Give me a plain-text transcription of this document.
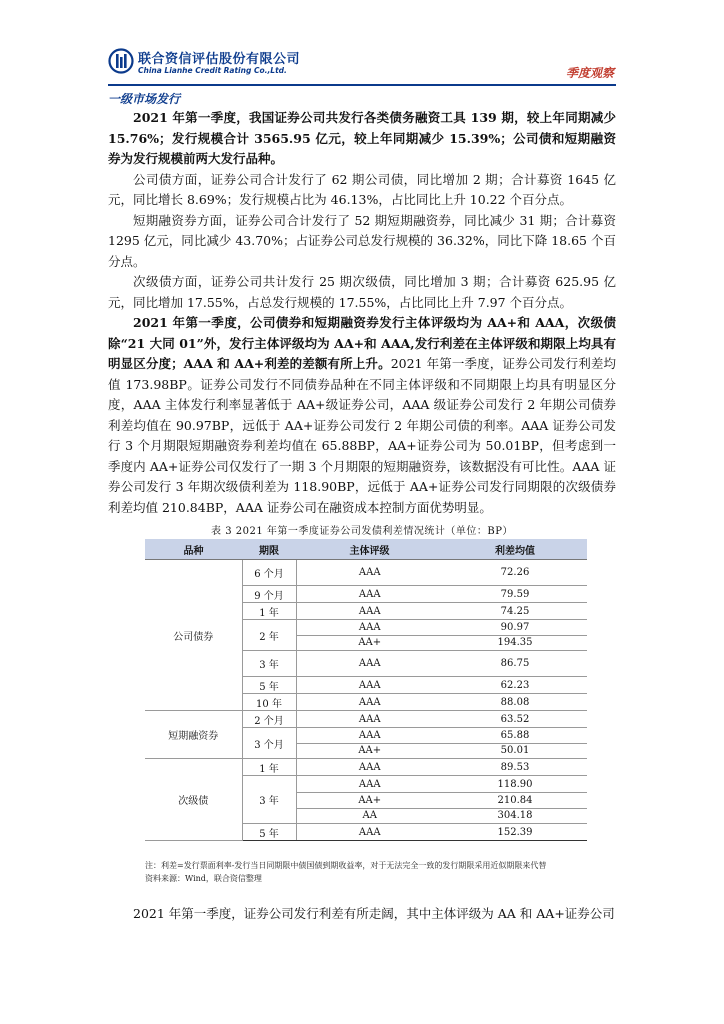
联合资信评估股份有限公司
China Lianhe Credit Rating Co.,Ltd.	季度观察
一级市场发行

2021 年第一季度，我国证券公司共发行各类债务融资工具 139 期，较上年同期减少 15.76%；发行规模合计 3565.95 亿元，较上年同期减少 15.39%；公司债和短期融资券为发行规模前两大发行品种。

公司债方面，证券公司合计发行了 62 期公司债，同比增加 2 期；合计募资 1645 亿元，同比增长 8.69%；发行规模占比为 46.13%，占比同比上升 10.22 个百分点。

短期融资券方面，证券公司合计发行了 52 期短期融资券，同比减少 31 期；合计募资 1295 亿元，同比减少 43.70%；占证券公司总发行规模的 36.32%，同比下降 18.65 个百分点。

次级债方面，证券公司共计发行 25 期次级债，同比增加 3 期；合计募资 625.95 亿元，同比增加 17.55%，占总发行规模的 17.55%，占比同比上升 7.97 个百分点。

2021 年第一季度，公司债券和短期融资券发行主体评级均为 AA+和 AAA，次级债除“21 大同 01”外，发行主体评级均为 AA+和 AAA,发行利差在主体评级和期限上均具有明显区分度；AAA 和 AA+利差的差额有所上升。2021 年第一季度，证券公司发行利差均值 173.98BP。证券公司发行不同债券品种在不同主体评级和不同期限上均具有明显区分度，AAA 主体发行利率显著低于 AA+级证券公司，AAA 级证券公司发行 2 年期公司债券利差均值在 90.97BP，远低于 AA+证券公司发行 2 年期公司债的利率。AAA 证券公司发行 3 个月期限短期融资券利差均值在 65.88BP，AA+证券公司为 50.01BP，但考虑到一季度内 AA+证券公司仅发行了一期 3 个月期限的短期融资券，该数据没有可比性。AAA 证券公司发行 3 年期次级债利差为 118.90BP，远低于 AA+证券公司发行同期限的次级债券利差均值 210.84BP，AAA 证券公司在融资成本控制方面优势明显。

表 3 2021 年第一季度证券公司发债利差情况统计（单位：BP）
品种	期限	主体评级	利差均值
公司债券	6 个月	AAA	72.26
	9 个月	AAA	79.59
	1 年	AAA	74.25
	2 年	AAA	90.97
		AA+	194.35
	3 年	AAA	86.75
	5 年	AAA	62.23
	10 年	AAA	88.08
短期融资券	2 个月	AAA	63.52
	3 个月	AAA	65.88
		AA+	50.01
次级债	1 年	AAA	89.53
	3 年	AAA	118.90
		AA+	210.84
		AA	304.18
	5 年	AAA	152.39
注：利差=发行票面利率-发行当日同期限中债国债到期收益率，对于无法完全一致的发行期限采用近似期限来代替
资料来源：Wind，联合资信整理

2021 年第一季度，证券公司发行利差有所走阔，其中主体评级为 AA 和 AA+证券公司
